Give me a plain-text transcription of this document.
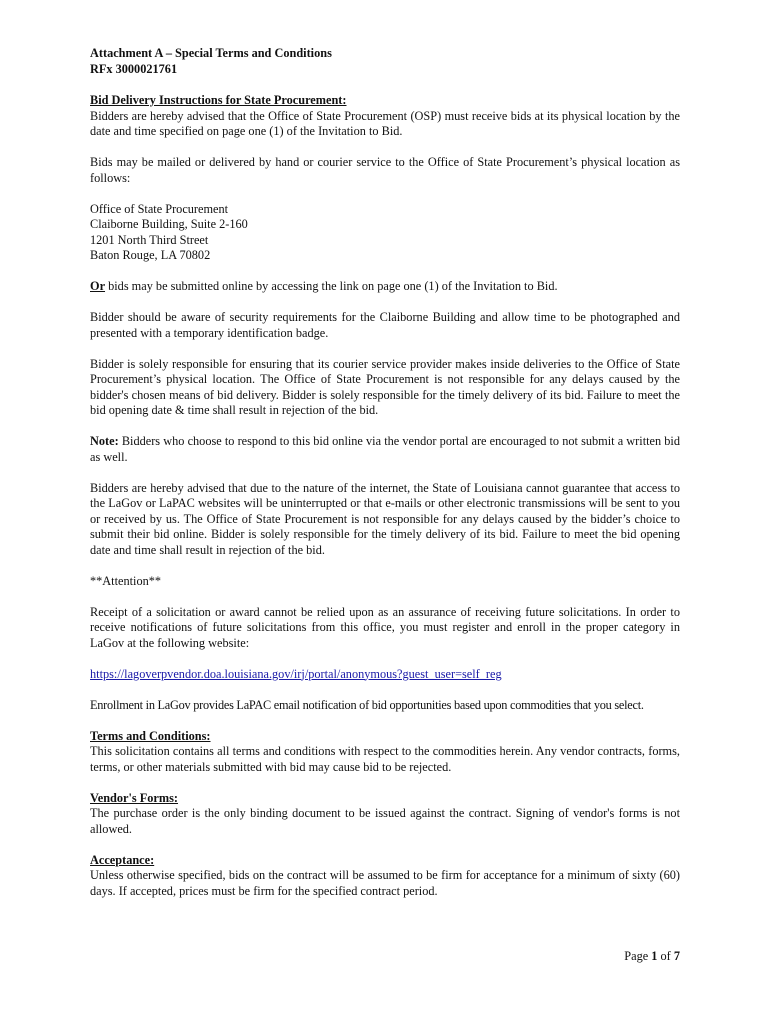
Attachment A – Special Terms and Conditions
RFx 3000021761
Bid Delivery Instructions for State Procurement:

Bidders are hereby advised that the Office of State Procurement (OSP) must receive bids at its physical location by the date and time specified on page one (1) of the Invitation to Bid.

Bids may be mailed or delivered by hand or courier service to the Office of State Procurement’s physical location as follows:

Office of State Procurement

Claiborne Building, Suite 2-160

1201 North Third Street

Baton Rouge, LA 70802

Or bids may be submitted online by accessing the link on page one (1) of the Invitation to Bid.

Bidder should be aware of security requirements for the Claiborne Building and allow time to be photographed and presented with a temporary identification badge.

Bidder is solely responsible for ensuring that its courier service provider makes inside deliveries to the Office of State Procurement’s physical location. The Office of State Procurement is not responsible for any delays caused by the bidder's chosen means of bid delivery. Bidder is solely responsible for the timely delivery of its bid. Failure to meet the bid opening date & time shall result in rejection of the bid.

Note: Bidders who choose to respond to this bid online via the vendor portal are encouraged to not submit a written bid as well.

Bidders are hereby advised that due to the nature of the internet, the State of Louisiana cannot guarantee that access to the LaGov or LaPAC websites will be uninterrupted or that e-mails or other electronic transmissions will be sent to you or received by us. The Office of State Procurement is not responsible for any delays caused by the bidder’s choice to submit their bid online. Bidder is solely responsible for the timely delivery of its bid. Failure to meet the bid opening date and time shall result in rejection of the bid.

**Attention**

Receipt of a solicitation or award cannot be relied upon as an assurance of receiving future solicitations. In order to receive notifications of future solicitations from this office, you must register and enroll in the proper category in LaGov at the following website:

https://lagoverpvendor.doa.louisiana.gov/irj/portal/anonymous?guest_user=self_reg

Enrollment in LaGov provides LaPAC email notification of bid opportunities based upon commodities that you select.

Terms and Conditions:

This solicitation contains all terms and conditions with respect to the commodities herein. Any vendor contracts, forms, terms, or other materials submitted with bid may cause bid to be rejected.

Vendor's Forms:

The purchase order is the only binding document to be issued against the contract. Signing of vendor's forms is not allowed.

Acceptance:

Unless otherwise specified, bids on the contract will be assumed to be firm for acceptance for a minimum of sixty (60) days. If accepted, prices must be firm for the specified contract period.

Page 1 of 7
